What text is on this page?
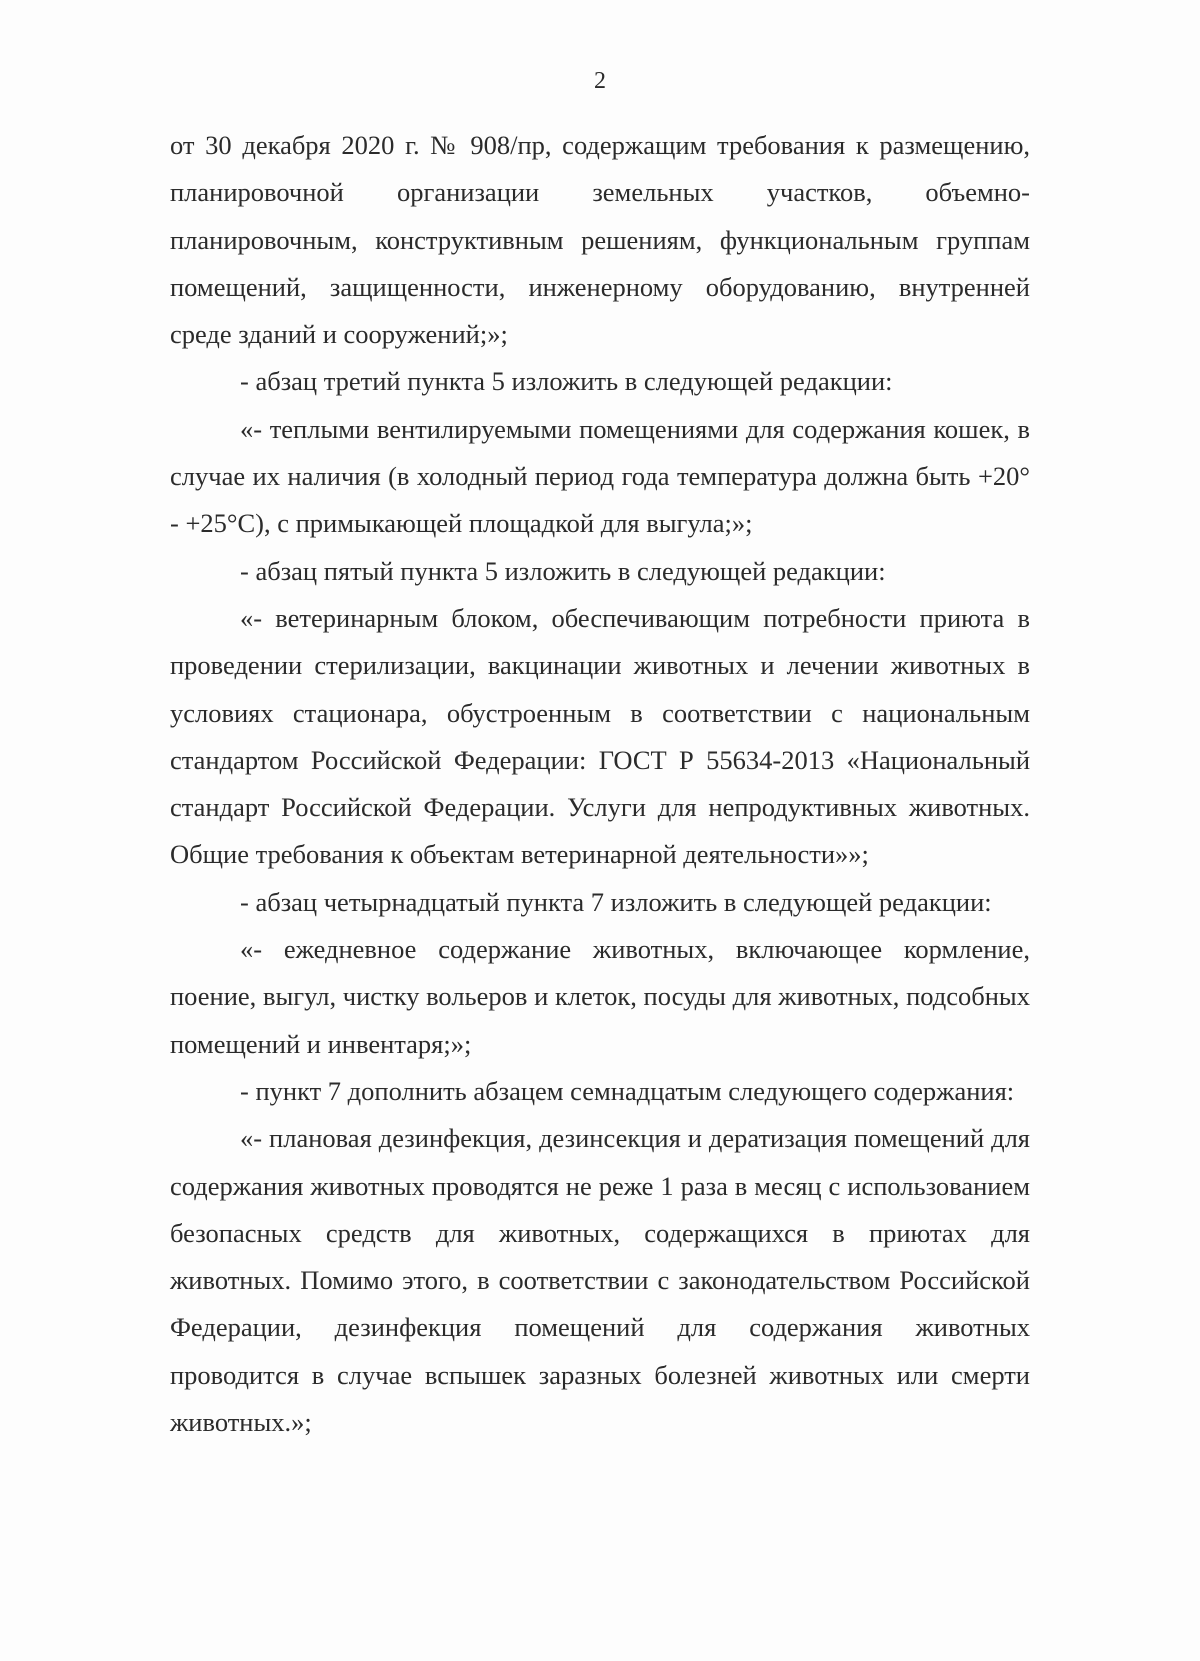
2

от 30 декабря 2020 г. № 908/пр, содержащим требования к размещению, планировочной организации земельных участков, объемно-планировочным, конструктивным решениям, функциональным группам помещений, защищенности, инженерному оборудованию, внутренней среде зданий и сооружений;»;

- абзац третий пункта 5 изложить в следующей редакции:

«- теплыми вентилируемыми помещениями для содержания кошек, в случае их наличия (в холодный период года температура должна быть +20° - +25°С), с примыкающей площадкой для выгула;»;

- абзац пятый пункта 5 изложить в следующей редакции:

«- ветеринарным блоком, обеспечивающим потребности приюта в проведении стерилизации, вакцинации животных и лечении животных в условиях стационара, обустроенным в соответствии с национальным стандартом Российской Федерации: ГОСТ Р 55634-2013 «Национальный стандарт Российской Федерации. Услуги для непродуктивных животных. Общие требования к объектам ветеринарной деятельности»»;

- абзац четырнадцатый пункта 7 изложить в следующей редакции:

«- ежедневное содержание животных, включающее кормление, поение, выгул, чистку вольеров и клеток, посуды для животных, подсобных помещений и инвентаря;»;

- пункт 7 дополнить абзацем семнадцатым следующего содержания:

«- плановая дезинфекция, дезинсекция и дератизация помещений для содержания животных проводятся не реже 1 раза в месяц с использованием безопасных средств для животных, содержащихся в приютах для животных. Помимо этого, в соответствии с законодательством Российской Федерации, дезинфекция помещений для содержания животных проводится в случае вспышек заразных болезней животных или смерти животных.»;
